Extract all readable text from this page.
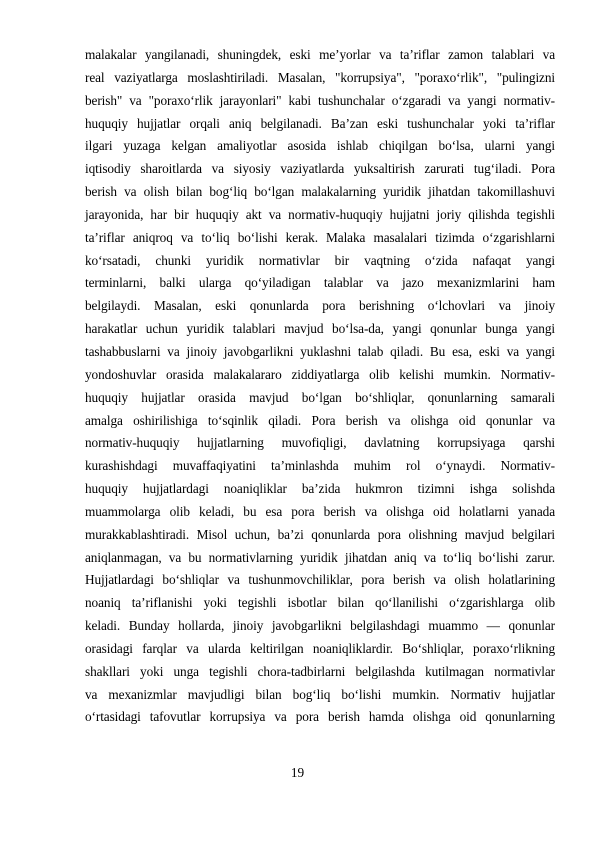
malakalar yangilanadi, shuningdek, eski meʼyorlar va taʼriflar zamon talablari va
real vaziyatlarga moslashtiriladi. Masalan, "korrupsiya", "poraxoʻrlik", "pulingizni
berish" va "poraxoʻrlik jarayonlari" kabi tushunchalar oʻzgaradi va yangi normativ-
huquqiy hujjatlar orqali aniq belgilanadi. Baʼzan eski tushunchalar yoki taʼriflar
ilgari yuzaga kelgan amaliyotlar asosida ishlab chiqilgan boʻlsa, ularni yangi
iqtisodiy sharoitlarda va siyosiy vaziyatlarda yuksaltirish zarurati tugʻiladi. Pora
berish va olish bilan bogʻliq boʻlgan malakalarning yuridik jihatdan takomillashuvi
jarayonida, har bir huquqiy akt va normativ-huquqiy hujjatni joriy qilishda tegishli
taʼriflar aniqroq va toʻliq boʻlishi kerak. Malaka masalalari tizimda oʻzgarishlarni
koʻrsatadi, chunki yuridik normativlar bir vaqtning oʻzida nafaqat yangi
terminlarni, balki ularga qoʻyiladigan talablar va jazo mexanizmlarini ham
belgilaydi. Masalan, eski qonunlarda pora berishning oʻlchovlari va jinoiy
harakatlar uchun yuridik talablari mavjud boʻlsa-da, yangi qonunlar bunga yangi
tashabbuslarni va jinoiy javobgarlikni yuklashni talab qiladi. Bu esa, eski va yangi
yondoshuvlar orasida malakalararo ziddiyatlarga olib kelishi mumkin. Normativ-
huquqiy hujjatlar orasida mavjud boʻlgan boʻshliqlar, qonunlarning samarali
amalga oshirilishiga toʻsqinlik qiladi. Pora berish va olishga oid qonunlar va
normativ-huquqiy hujjatlarning muvofiqligi, davlatning korrupsiyaga qarshi
kurashishdagi muvaffaqiyatini taʼminlashda muhim rol oʻynaydi. Normativ-
huquqiy hujjatlardagi noaniqliklar baʼzida hukmron tizimni ishga solishda
muammolarga olib keladi, bu esa pora berish va olishga oid holatlarni yanada
murakkablashtiradi. Misol uchun, baʼzi qonunlarda pora olishning mavjud belgilari
aniqlanmagan, va bu normativlarning yuridik jihatdan aniq va toʻliq boʻlishi zarur.
Hujjatlardagi boʻshliqlar va tushunmovchiliklar, pora berish va olish holatlarining
noaniq taʼriflanishi yoki tegishli isbotlar bilan qoʻllanilishi oʻzgarishlarga olib
keladi. Bunday hollarda, jinoiy javobgarlikni belgilashdagi muammo — qonunlar
orasidagi farqlar va ularda keltirilgan noaniqliklardir. Boʻshliqlar, poraxoʻrlikning
shakllari yoki unga tegishli chora-tadbirlarni belgilashda kutilmagan normativlar
va mexanizmlar mavjudligi bilan bogʻliq boʻlishi mumkin. Normativ hujjatlar
oʻrtasidagi tafovutlar korrupsiya va pora berish hamda olishga oid qonunlarning
19
